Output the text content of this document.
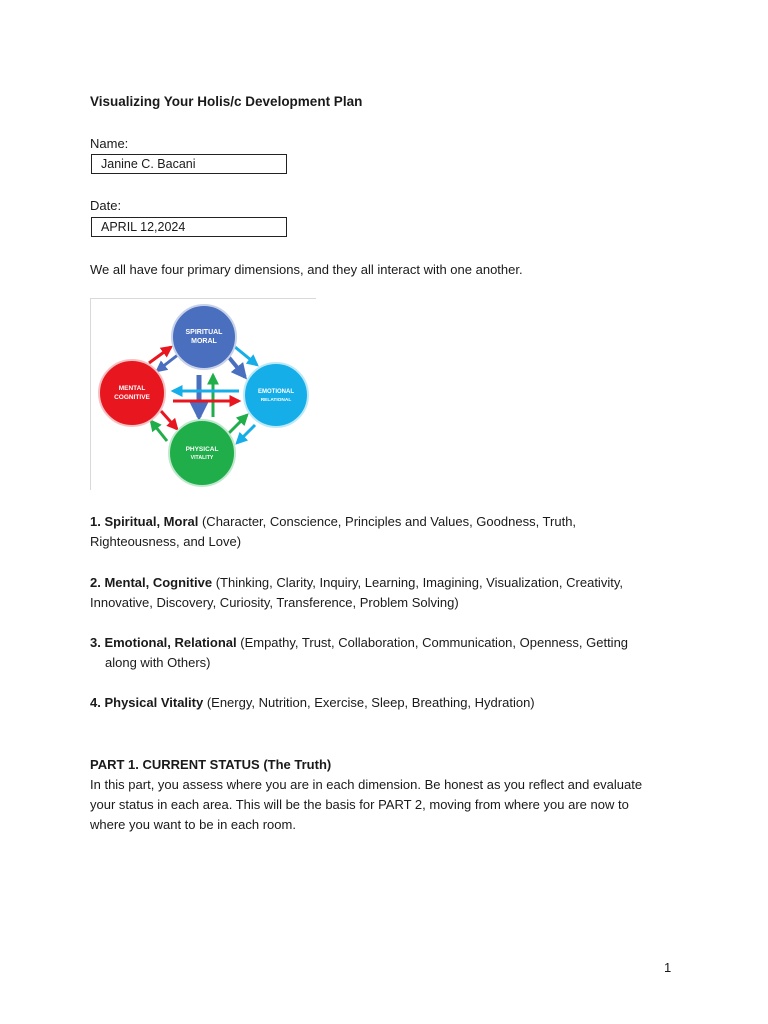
Visualizing Your Holis/c Development Plan
Name:
Janine C. Bacani
Date:
APRIL 12,2024
We all have four primary dimensions, and they all interact with one another.
SPIRITUAL
MORAL
MENTAL
COGNITIVE
EMOTIONAL
RELATIONAL
PHYSICAL
VITALITY
1. Spiritual, Moral (Character, Conscience, Principles and Values, Goodness, Truth,
Righteousness, and Love)
2. Mental, Cognitive (Thinking, Clarity, Inquiry, Learning, Imagining, Visualization, Creativity,
Innovative, Discovery, Curiosity, Transference, Problem Solving)
3. Emotional, Relational (Empathy, Trust, Collaboration, Communication, Openness, Getting
along with Others)
4. Physical Vitality (Energy, Nutrition, Exercise, Sleep, Breathing, Hydration)
PART 1. CURRENT STATUS (The Truth)
In this part, you assess where you are in each dimension. Be honest as you reflect and evaluate
your status in each area. This will be the basis for PART 2, moving from where you are now to
where you want to be in each room.
1
